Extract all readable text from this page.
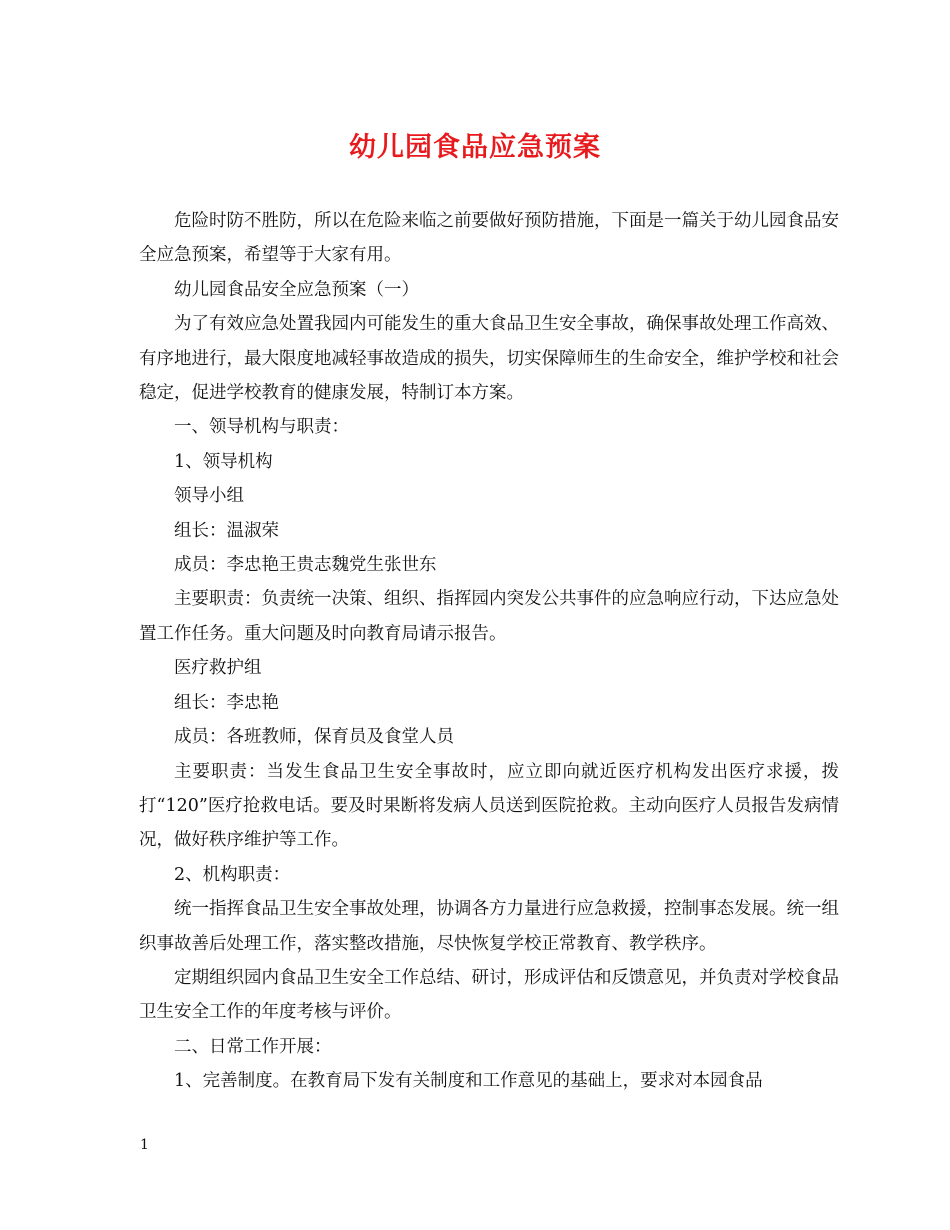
幼儿园食品应急预案

危险时防不胜防，所以在危险来临之前要做好预防措施，下面是一篇关于幼儿园食品安全应急预案，希望等于大家有用。

幼儿园食品安全应急预案（一）

为了有效应急处置我园内可能发生的重大食品卫生安全事故，确保事故处理工作高效、有序地进行，最大限度地减轻事故造成的损失，切实保障师生的生命安全，维护学校和社会稳定，促进学校教育的健康发展，特制订本方案。

一、领导机构与职责：

1、领导机构

领导小组

组长：温淑荣

成员：李忠艳王贵志魏党生张世东

主要职责：负责统一决策、组织、指挥园内突发公共事件的应急响应行动，下达应急处置工作任务。重大问题及时向教育局请示报告。

医疗救护组

组长：李忠艳

成员：各班教师，保育员及食堂人员

主要职责：当发生食品卫生安全事故时，应立即向就近医疗机构发出医疗求援，拨打“120”医疗抢救电话。要及时果断将发病人员送到医院抢救。主动向医疗人员报告发病情况，做好秩序维护等工作。

2、机构职责：

统一指挥食品卫生安全事故处理，协调各方力量进行应急救援，控制事态发展。统一组织事故善后处理工作，落实整改措施，尽快恢复学校正常教育、教学秩序。

定期组织园内食品卫生安全工作总结、研讨，形成评估和反馈意见，并负责对学校食品卫生安全工作的年度考核与评价。

二、日常工作开展：

1、完善制度。在教育局下发有关制度和工作意见的基础上，要求对本园食品

1
